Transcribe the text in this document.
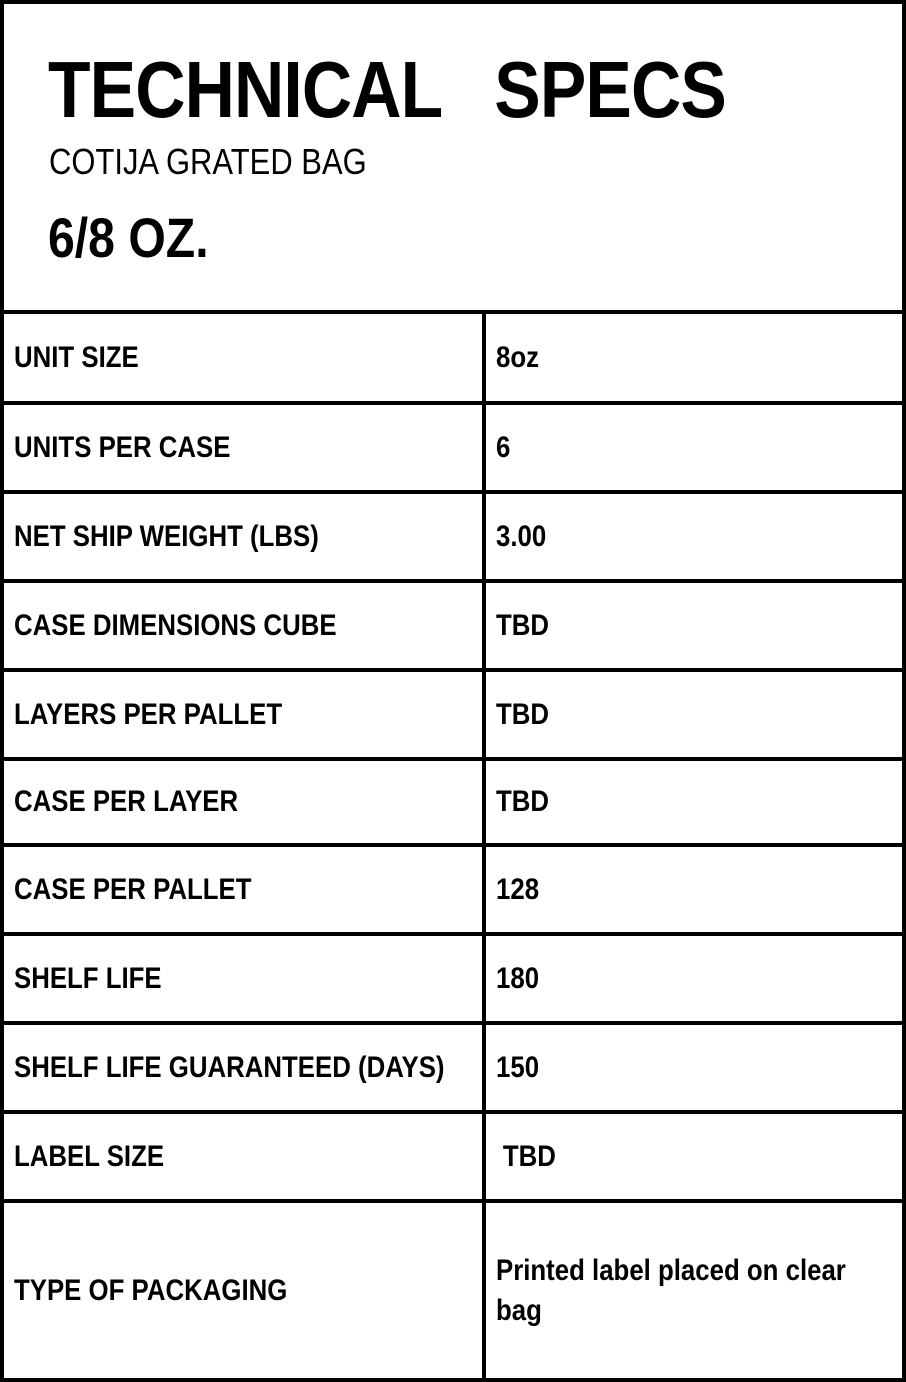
TECHNICAL SPECS
COTIJA GRATED BAG
6/8 OZ.
UNIT SIZE	8oz
UNITS PER CASE	6
NET SHIP WEIGHT (LBS)	3.00
CASE DIMENSIONS CUBE	TBD
LAYERS PER PALLET	TBD
CASE PER LAYER	TBD
CASE PER PALLET	128
SHELF LIFE	180
SHELF LIFE GUARANTEED (DAYS)	150
LABEL SIZE	TBD
TYPE OF PACKAGING	Printed label placed on clear bag
